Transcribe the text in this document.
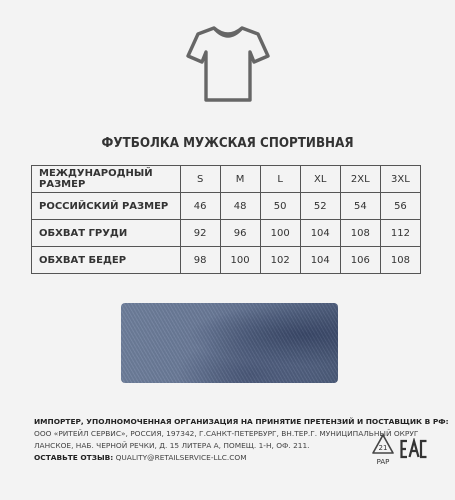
ФУТБОЛКА МУЖСКАЯ СПОРТИВНАЯ
МЕЖДУНАРОДНЫЙ РАЗМЕР	S	M	L	XL	2XL	3XL
РОССИЙСКИЙ РАЗМЕР	46	48	50	52	54	56
ОБХВАТ ГРУДИ	92	96	100	104	108	112
ОБХВАТ БЕДЕР	98	100	102	104	106	108
ИМПОРТЕР, УПОЛНОМОЧЕННАЯ ОРГАНИЗАЦИЯ НА ПРИНЯТИЕ ПРЕТЕНЗИЙ И ПОСТАВЩИК В РФ:
ООО «РИТЕЙЛ СЕРВИС», РОССИЯ, 197342, Г.САНКТ-ПЕТЕРБУРГ, ВН.ТЕР.Г. МУНИЦИПАЛЬНЫЙ ОКРУГ
ЛАНСКОЕ, НАБ. ЧЕРНОЙ РЕЧКИ, Д. 15 ЛИТЕРА А, ПОМЕЩ. 1-Н, ОФ. 211.
ОСТАВЬТЕ ОТЗЫВ: QUALITY@RETAILSERVICE-LLC.COM
21
PAP
